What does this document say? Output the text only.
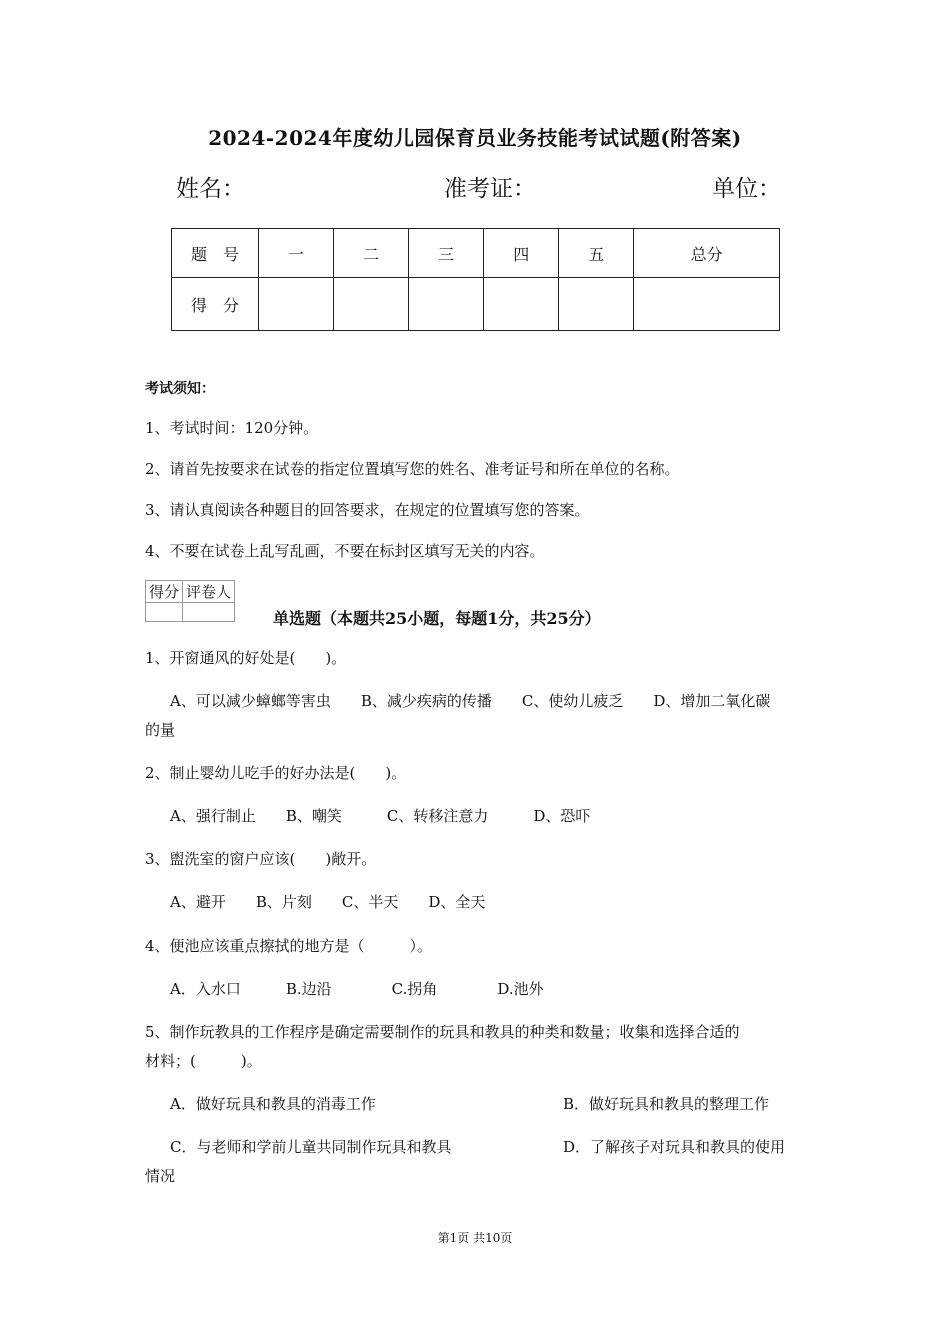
2024-2024年度幼儿园保育员业务技能考试试题(附答案)
姓名：	准考证：	单位：
题　号	一	二	三	四	五	总分
得　分						
考试须知：
1、考试时间：120分钟。
2、请首先按要求在试卷的指定位置填写您的姓名、准考证号和所在单位的名称。
3、请认真阅读各种题目的回答要求，在规定的位置填写您的答案。
4、不要在试卷上乱写乱画，不要在标封区填写无关的内容。
得分	评卷人

单选题（本题共25小题，每题1分，共25分）
1、开窗通风的好处是(　　)。
A、可以减少蟑螂等害虫　　B、减少疾病的传播　　C、使幼儿疲乏　　D、增加二氧化碳
的量
2、制止婴幼儿吃手的好办法是(　　)。
A、强行制止　　B、嘲笑　　　C、转移注意力　　　D、恐吓
3、盥洗室的窗户应该(　　)敞开。
A、避开　　B、片刻　　C、半天　　D、全天
4、便池应该重点擦拭的地方是（　　　）。
A．入水口　　　B.边沿　　　　C.拐角　　　　D.池外
5、制作玩教具的工作程序是确定需要制作的玩具和教具的种类和数量；收集和选择合适的
材料；(　　　)。
A．做好玩具和教具的消毒工作	B．做好玩具和教具的整理工作
C．与老师和学前儿童共同制作玩具和教具	D．了解孩子对玩具和教具的使用
情况
第1页 共10页
